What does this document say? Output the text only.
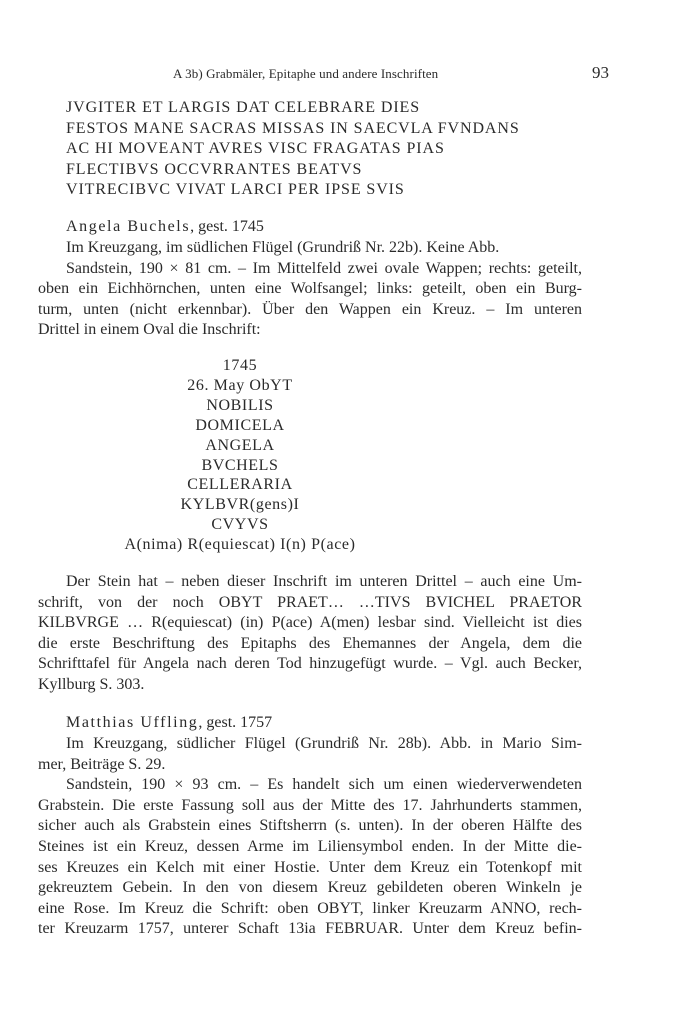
A 3b) Grabmäler, Epitaphe und andere Inschriften	93
JVGITER ET LARGIS DAT CELEBRARE DIES
FESTOS MANE SACRAS MISSAS IN SAECVLA FVNDANS
AC HI MOVEANT AVRES VISC FRAGATAS PIAS
FLECTIBVS OCCVRRANTES BEATVS
VITRECIBVC VIVAT LARCI PER IPSE SVIS
Angela Buchels, gest. 1745
Im Kreuzgang, im südlichen Flügel (Grundriß Nr. 22b). Keine Abb.
Sandstein, 190 × 81 cm. – Im Mittelfeld zwei ovale Wappen; rechts: geteilt,
oben ein Eichhörnchen, unten eine Wolfsangel; links: geteilt, oben ein Burg-
turm, unten (nicht erkennbar). Über den Wappen ein Kreuz. – Im unteren
Drittel in einem Oval die Inschrift:
1745
26. May ObYT
NOBILIS
DOMICELA
ANGELA
BVCHELS
CELLERARIA
KYLBVR(gens)I
CVYVS
A(nima) R(equiescat) I(n) P(ace)
Der Stein hat – neben dieser Inschrift im unteren Drittel – auch eine Um-
schrift, von der noch OBYT PRAET… …TIVS BVICHEL PRAETOR
KILBVRGE … R(equiescat) (in) P(ace) A(men) lesbar sind. Vielleicht ist dies
die erste Beschriftung des Epitaphs des Ehemannes der Angela, dem die
Schrifttafel für Angela nach deren Tod hinzugefügt wurde. – Vgl. auch Becker,
Kyllburg S. 303.
Matthias Uffling, gest. 1757
Im Kreuzgang, südlicher Flügel (Grundriß Nr. 28b). Abb. in Mario Sim-
mer, Beiträge S. 29.
Sandstein, 190 × 93 cm. – Es handelt sich um einen wiederverwendeten
Grabstein. Die erste Fassung soll aus der Mitte des 17. Jahrhunderts stammen,
sicher auch als Grabstein eines Stiftsherrn (s. unten). In der oberen Hälfte des
Steines ist ein Kreuz, dessen Arme im Liliensymbol enden. In der Mitte die-
ses Kreuzes ein Kelch mit einer Hostie. Unter dem Kreuz ein Totenkopf mit
gekreuztem Gebein. In den von diesem Kreuz gebildeten oberen Winkeln je
eine Rose. Im Kreuz die Schrift: oben OBYT, linker Kreuzarm ANNO, rech-
ter Kreuzarm 1757, unterer Schaft 13ia FEBRUAR. Unter dem Kreuz befin-
